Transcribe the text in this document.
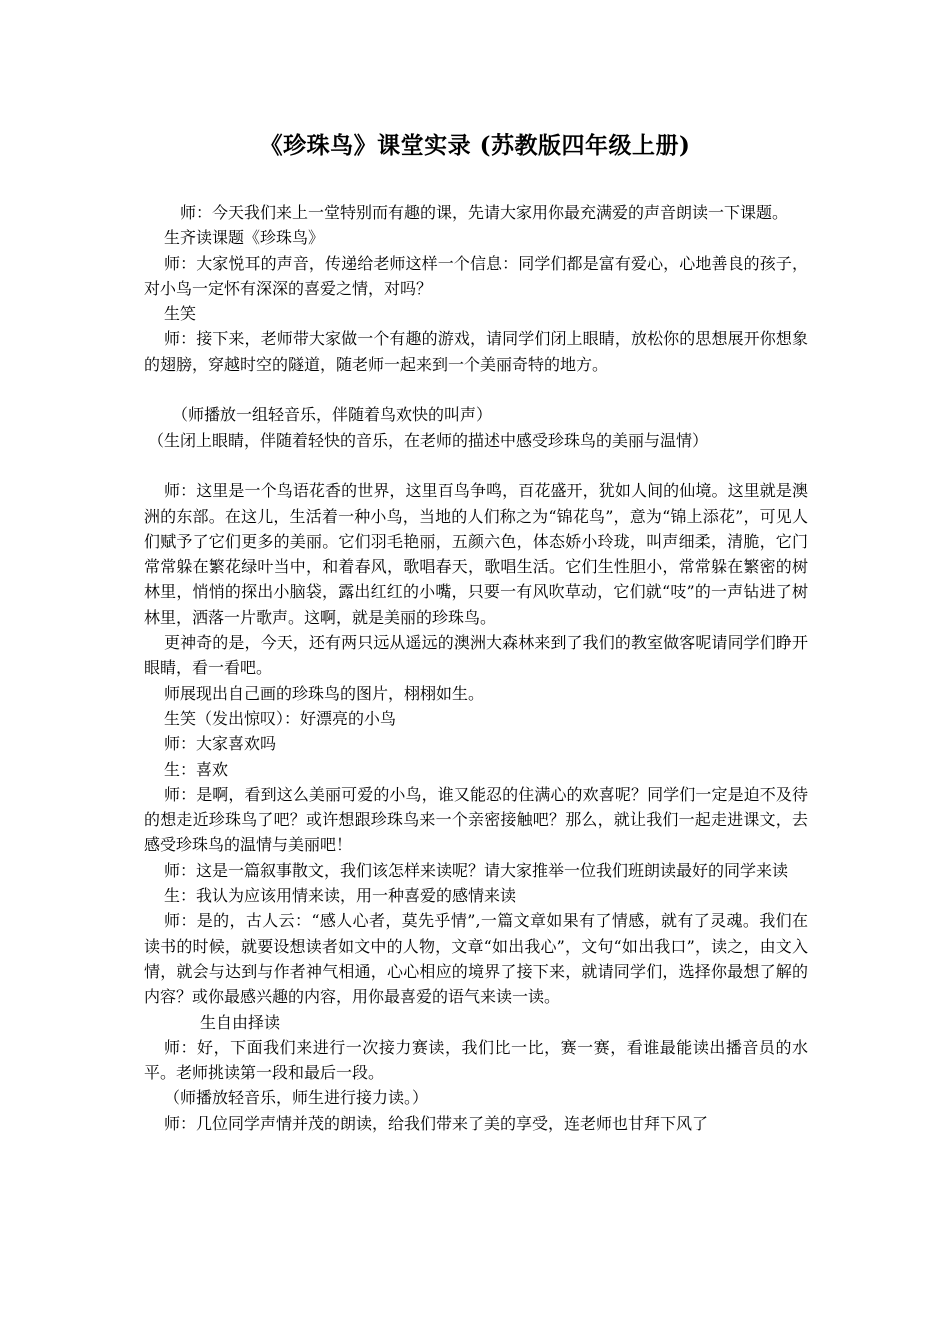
《珍珠鸟》课堂实录 (苏教版四年级上册)

师：今天我们来上一堂特别而有趣的课，先请大家用你最充满爱的声音朗读一下课题。

生齐读课题《珍珠鸟》

师：大家悦耳的声音，传递给老师这样一个信息：同学们都是富有爱心，心地善良的孩子，对小鸟一定怀有深深的喜爱之情，对吗？

生笑

师：接下来，老师带大家做一个有趣的游戏，请同学们闭上眼睛，放松你的思想展开你想象的翅膀，穿越时空的隧道，随老师一起来到一个美丽奇特的地方。

（师播放一组轻音乐，伴随着鸟欢快的叫声）

（生闭上眼睛，伴随着轻快的音乐，在老师的描述中感受珍珠鸟的美丽与温情）

师：这里是一个鸟语花香的世界，这里百鸟争鸣，百花盛开，犹如人间的仙境。这里就是澳洲的东部。在这儿，生活着一种小鸟，当地的人们称之为“锦花鸟”，意为“锦上添花”，可见人们赋予了它们更多的美丽。它们羽毛艳丽，五颜六色，体态娇小玲珑，叫声细柔，清脆，它门常常躲在繁花绿叶当中，和着春风，歌唱春天，歌唱生活。它们生性胆小，常常躲在繁密的树林里，悄悄的探出小脑袋，露出红红的小嘴，只要一有风吹草动，它们就“吱”的一声钻进了树林里，洒落一片歌声。这啊，就是美丽的珍珠鸟。

更神奇的是，今天，还有两只远从遥远的澳洲大森林来到了我们的教室做客呢请同学们睁开眼睛，看一看吧。

师展现出自己画的珍珠鸟的图片，栩栩如生。

生笑（发出惊叹）：好漂亮的小鸟

师：大家喜欢吗

生：喜欢

师：是啊，看到这么美丽可爱的小鸟，谁又能忍的住满心的欢喜呢？同学们一定是迫不及待的想走近珍珠鸟了吧？或许想跟珍珠鸟来一个亲密接触吧？那么，就让我们一起走进课文，去感受珍珠鸟的温情与美丽吧！

师：这是一篇叙事散文，我们该怎样来读呢？请大家推举一位我们班朗读最好的同学来读

生：我认为应该用情来读，用一种喜爱的感情来读

师：是的，古人云：“感人心者，莫先乎情”,一篇文章如果有了情感，就有了灵魂。我们在读书的时候，就要设想读者如文中的人物，文章“如出我心”，文句“如出我口”，读之，由文入情，就会与达到与作者神气相通，心心相应的境界了接下来，就请同学们，选择你最想了解的内容？或你最感兴趣的内容，用你最喜爱的语气来读一读。

生自由择读

师：好，下面我们来进行一次接力赛读，我们比一比，赛一赛，看谁最能读出播音员的水平。老师挑读第一段和最后一段。

（师播放轻音乐，师生进行接力读。）

师：几位同学声情并茂的朗读，给我们带来了美的享受，连老师也甘拜下风了
